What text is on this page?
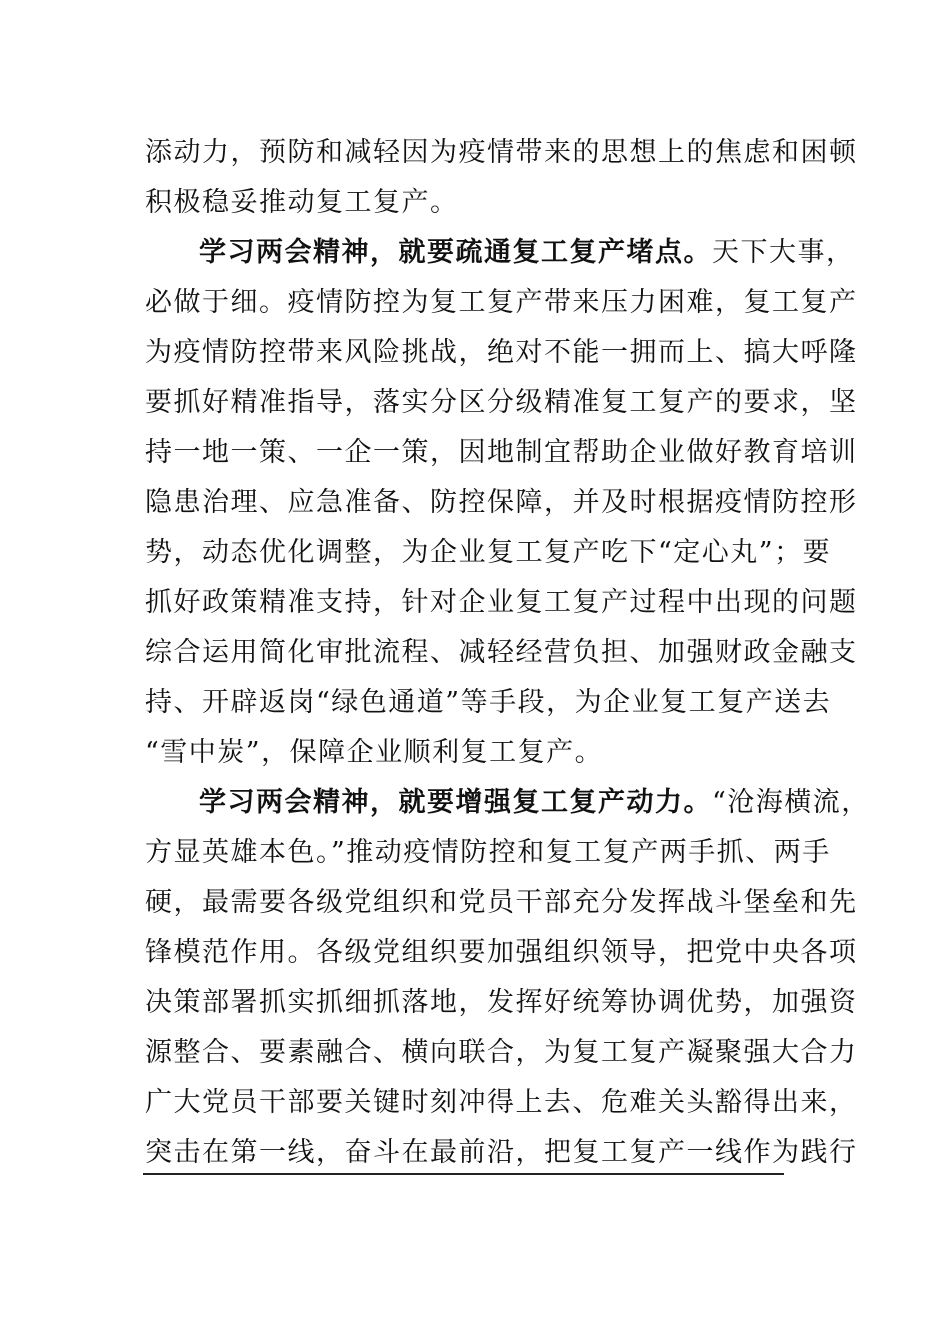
添动力，预防和减轻因为疫情带来的思想上的焦虑和困顿
积极稳妥推动复工复产。
学习两会精神，就要疏通复工复产堵点。天下大事，
必做于细。疫情防控为复工复产带来压力困难，复工复产
为疫情防控带来风险挑战，绝对不能一拥而上、搞大呼隆
要抓好精准指导，落实分区分级精准复工复产的要求，坚
持一地一策、一企一策，因地制宜帮助企业做好教育培训
隐患治理、应急准备、防控保障，并及时根据疫情防控形
势，动态优化调整，为企业复工复产吃下“定心丸”；要
抓好政策精准支持，针对企业复工复产过程中出现的问题
综合运用简化审批流程、减轻经营负担、加强财政金融支
持、开辟返岗“绿色通道”等手段，为企业复工复产送去
“雪中炭”，保障企业顺利复工复产。
学习两会精神，就要增强复工复产动力。“沧海横流，
方显英雄本色。”推动疫情防控和复工复产两手抓、两手
硬，最需要各级党组织和党员干部充分发挥战斗堡垒和先
锋模范作用。各级党组织要加强组织领导，把党中央各项
决策部署抓实抓细抓落地，发挥好统筹协调优势，加强资
源整合、要素融合、横向联合，为复工复产凝聚强大合力
广大党员干部要关键时刻冲得上去、危难关头豁得出来，
突击在第一线，奋斗在最前沿，把复工复产一线作为践行
